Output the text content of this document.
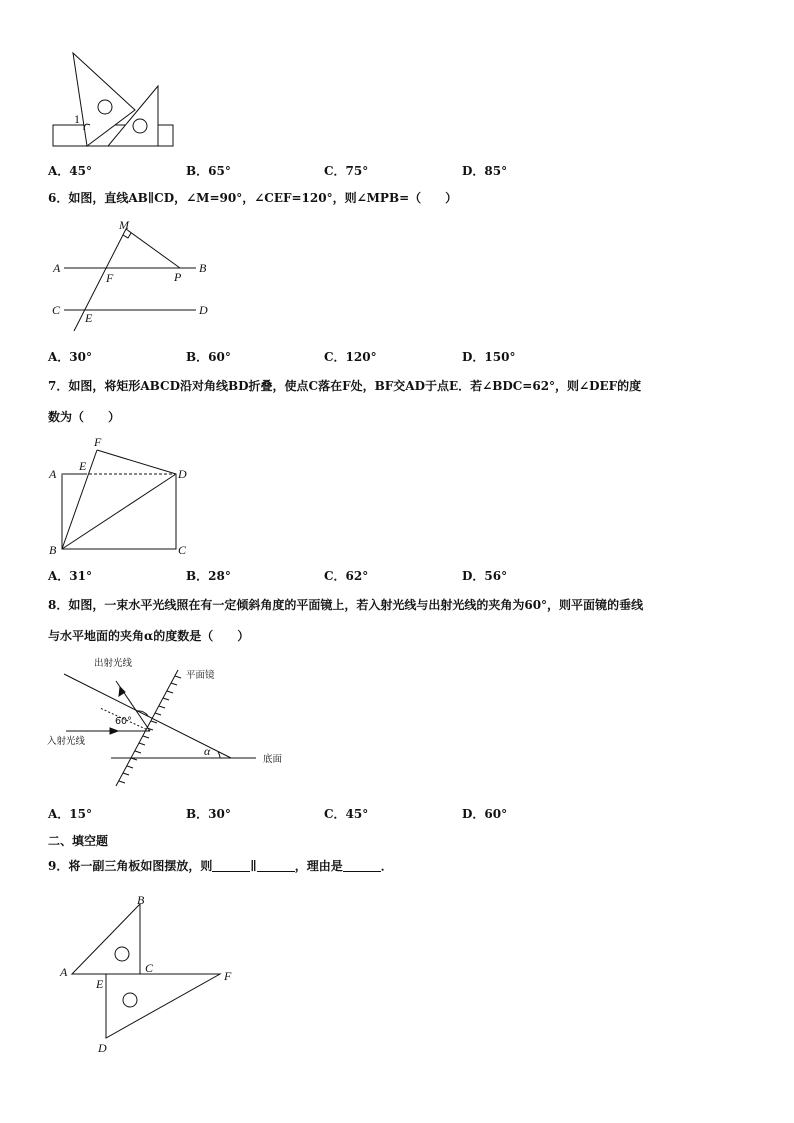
1
A．45°	B．65°	C．75°	D．85°
6．如图，直线AB∥CD，∠M=90°，∠CEF=120°，则∠MPB=（　　）
M
A
F	P
B
C
E
D
A．30°	B．60°	C．120°	D．150°
7．如图，将矩形ABCD沿对角线BD折叠，使点C落在F处，BF交AD于点E．若∠BDC=62°，则∠DEF的度
数为（　　）
F
A
E
D
B	C
A．31°	B．28°	C．62°	D．56°
8．如图，一束水平光线照在有一定倾斜角度的平面镜上，若入射光线与出射光线的夹角为60°，则平面镜的垂线
与水平地面的夹角α的度数是（　　）
出射光线
平面镜
60°
入射光线
α
底面
A．15°	B．30°	C．45°	D．60°
二、填空题
9．将一副三角板如图摆放，则	∥	，理由是	．
B
A	C
F
E
D
